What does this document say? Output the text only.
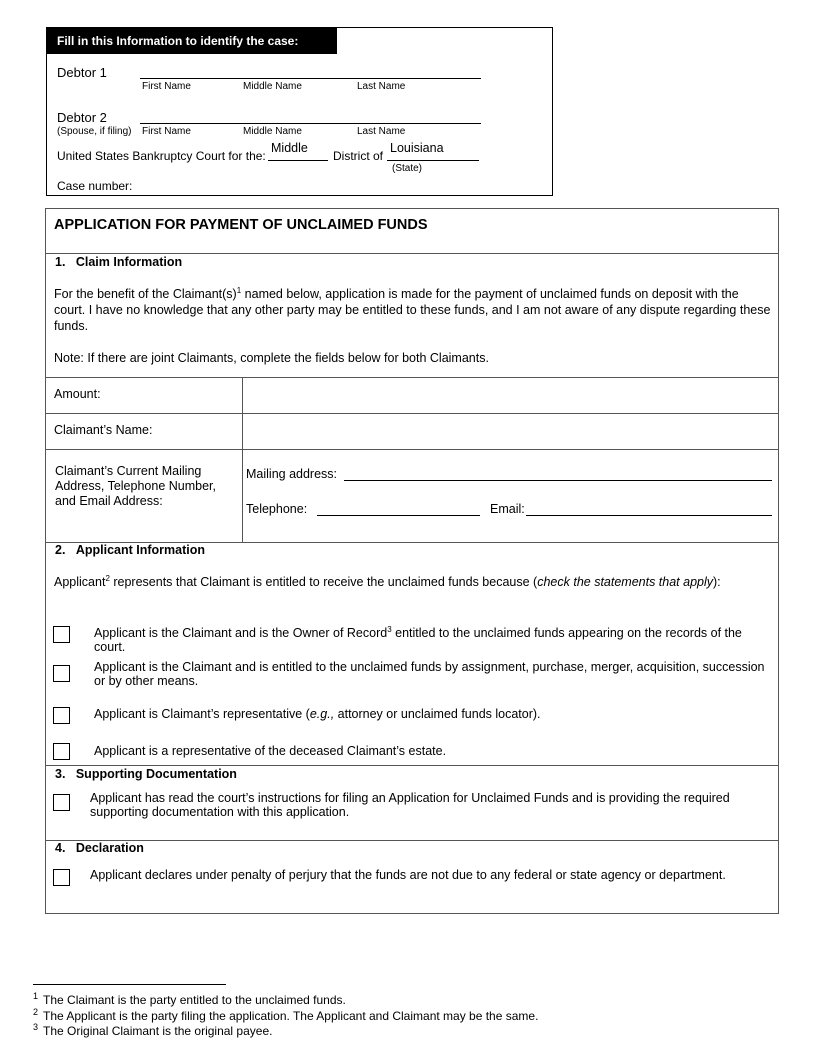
Fill in this Information to identify the case:
Debtor 1
First Name	Middle Name	Last Name
Debtor 2
(Spouse, if filing) First Name	Middle Name	Last Name
United States Bankruptcy Court for the:
Middle
District of
Louisiana
(State)
Case number:
APPLICATION FOR PAYMENT OF UNCLAIMED FUNDS
1.   Claim Information
For the benefit of the $Claimant(s)^1$ named below, application is made for the payment of unclaimed funds on deposit with the court. I have no knowledge that any other party may be entitled to these funds, and I am not aware of any dispute regarding these funds.
Note: If there are joint Claimants, complete the fields below for both Claimants.
Amount:
Claimant’s Name:
Claimant’s Current Mailing Address, Telephone Number, and Email Address:
Mailing address:
Telephone:	Email:
2.   Applicant Information
Applicant$^2$ represents that Claimant is entitled to receive the unclaimed funds because (check the statements that apply):
Applicant is the Claimant and is the Owner of Record$^3$ entitled to the unclaimed funds appearing on the records of the court.
Applicant is the Claimant and is entitled to the unclaimed funds by assignment, purchase, merger, acquisition, succession or by other means.
Applicant is Claimant’s representative (e.g., attorney or unclaimed funds locator).
Applicant is a representative of the deceased Claimant’s estate.
3.   Supporting Documentation
Applicant has read the court’s instructions for filing an Application for Unclaimed Funds and is providing the required supporting documentation with this application.
4.   Declaration
Applicant declares under penalty of perjury that the funds are not due to any federal or state agency or department.
$^1$ The Claimant is the party entitled to the unclaimed funds.
$^2$ The Applicant is the party filing the application. The Applicant and Claimant may be the same.
$^3$ The Original Claimant is the original payee.
